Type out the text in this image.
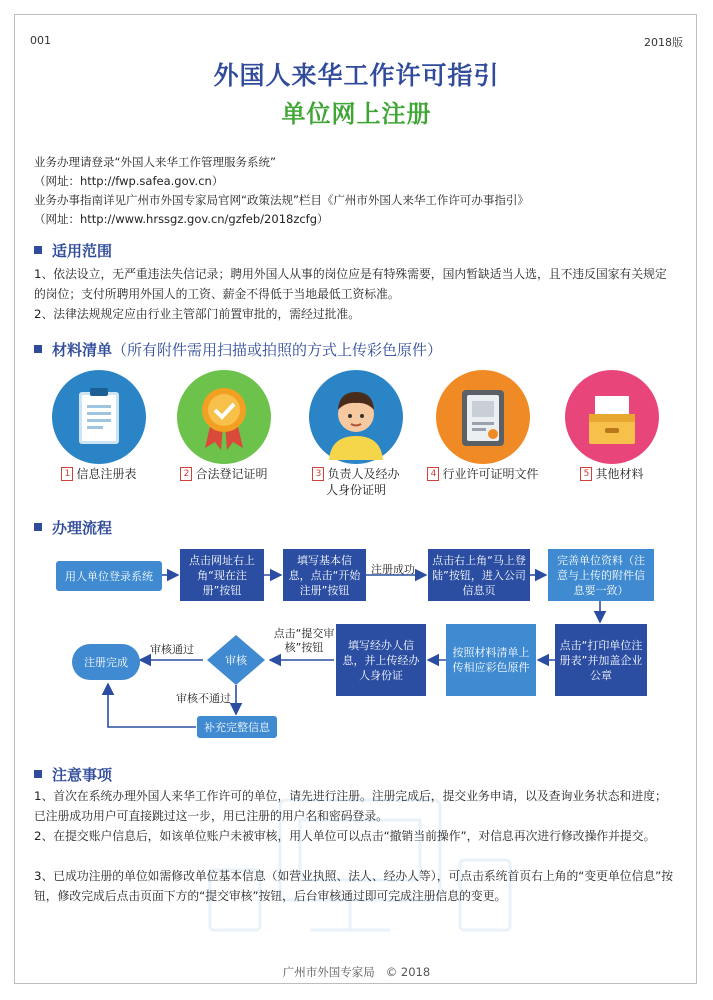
001	2018版
外国人来华工作许可指引
单位网上注册
业务办理请登录“外国人来华工作管理服务系统”
（网址：http://fwp.safea.gov.cn）
业务办事指南详见广州市外国专家局官网“政策法规”栏目《广州市外国人来华工作许可办事指引》
（网址：http://www.hrssgz.gov.cn/gzfeb/2018zcfg）
适用范围
1、依法设立，无严重违法失信记录；聘用外国人从事的岗位应是有特殊需要，国内暂缺适当人选，且不违反国家有关规定的岗位；支付所聘用外国人的工资、薪金不得低于当地最低工资标准。
2、法律法规规定应由行业主管部门前置审批的，需经过批准。
材料清单（所有附件需用扫描或拍照的方式上传彩色原件）
1 信息注册表	2 合法登记证明	3 负责人及经办
人身份证明
4 行业许可证明文件	5 其他材料
办理流程
用人单位登录系统
点击网址右上角“现在注册”按钮
填写基本信息，点击“开始注册”按钮
注册成功
点击右上角“马上登陆”按钮，进入公司信息页
完善单位资料（注意与上传的附件信息要一致）
点击“打印单位注册表”并加盖企业公章
按照材料清单上传相应彩色原件
填写经办人信息，并上传经办人身份证
点击“提交审核”按钮
审核
审核通过
注册完成
审核不通过
补充完整信息
注意事项
1、首次在系统办理外国人来华工作许可的单位，请先进行注册。注册完成后，提交业务申请，以及查询业务状态和进度；已注册成功用户可直接跳过这一步，用已注册的用户名和密码登录。
2、在提交账户信息后，如该单位账户未被审核，用人单位可以点击“撤销当前操作”，对信息再次进行修改操作并提交。
3、已成功注册的单位如需修改单位基本信息（如营业执照、法人、经办人等），可点击系统首页右上角的“变更单位信息”按钮，修改完成后点击页面下方的“提交审核”按钮，后台审核通过即可完成注册信息的变更。
广州市外国专家局 © 2018
